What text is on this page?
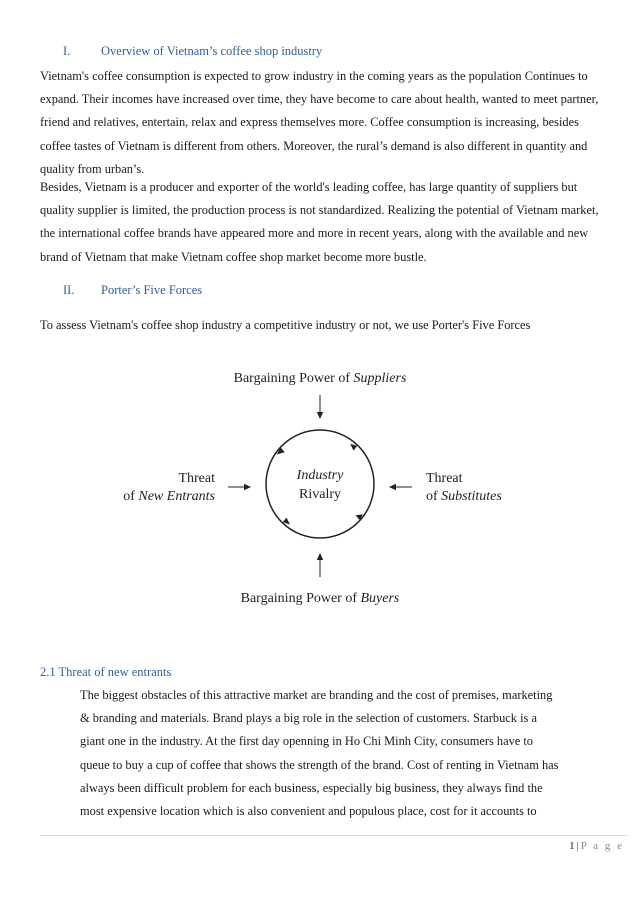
I. Overview of Vietnam’s coffee shop industry

Vietnam's coffee consumption is expected to grow industry in the coming years as the population Continues to
expand. Their incomes have increased over time, they have become to care about health, wanted to meet partner,
friend and relatives, entertain, relax and express themselves more. Coffee consumption is increasing, besides
coffee tastes of Vietnam is different from others. Moreover, the rural’s demand is also different in quantity and
quality from urban’s.

Besides, Vietnam is a producer and exporter of the world's leading coffee, has large quantity of suppliers but
quality supplier is limited, the production process is not standardized. Realizing the potential of Vietnam market,
the international coffee brands have appeared more and more in recent years, along with the available and new
brand of Vietnam that make Vietnam coffee shop market become more bustle.

II. Porter’s Five Forces
To assess Vietnam's coffee shop industry a competitive industry or not, we use Porter's Five Forces
Bargaining Power of Suppliers
Industry
Rivalry
Threat
of New Entrants
Threat
of Substitutes
Bargaining Power of Buyers
2.1 Threat of new entrants

The biggest obstacles of this attractive market are branding and the cost of premises, marketing
& branding and materials. Brand plays a big role in the selection of customers. Starbuck is a
giant one in the industry. At the first day openning in Ho Chi Minh City, consumers have to
queue to buy a cup of coffee that shows the strength of the brand. Cost of renting in Vietnam has
always been difficult problem for each business, especially big business, they always find the
most expensive location which is also convenient and populous place, cost for it accounts to

1 | P a g e
